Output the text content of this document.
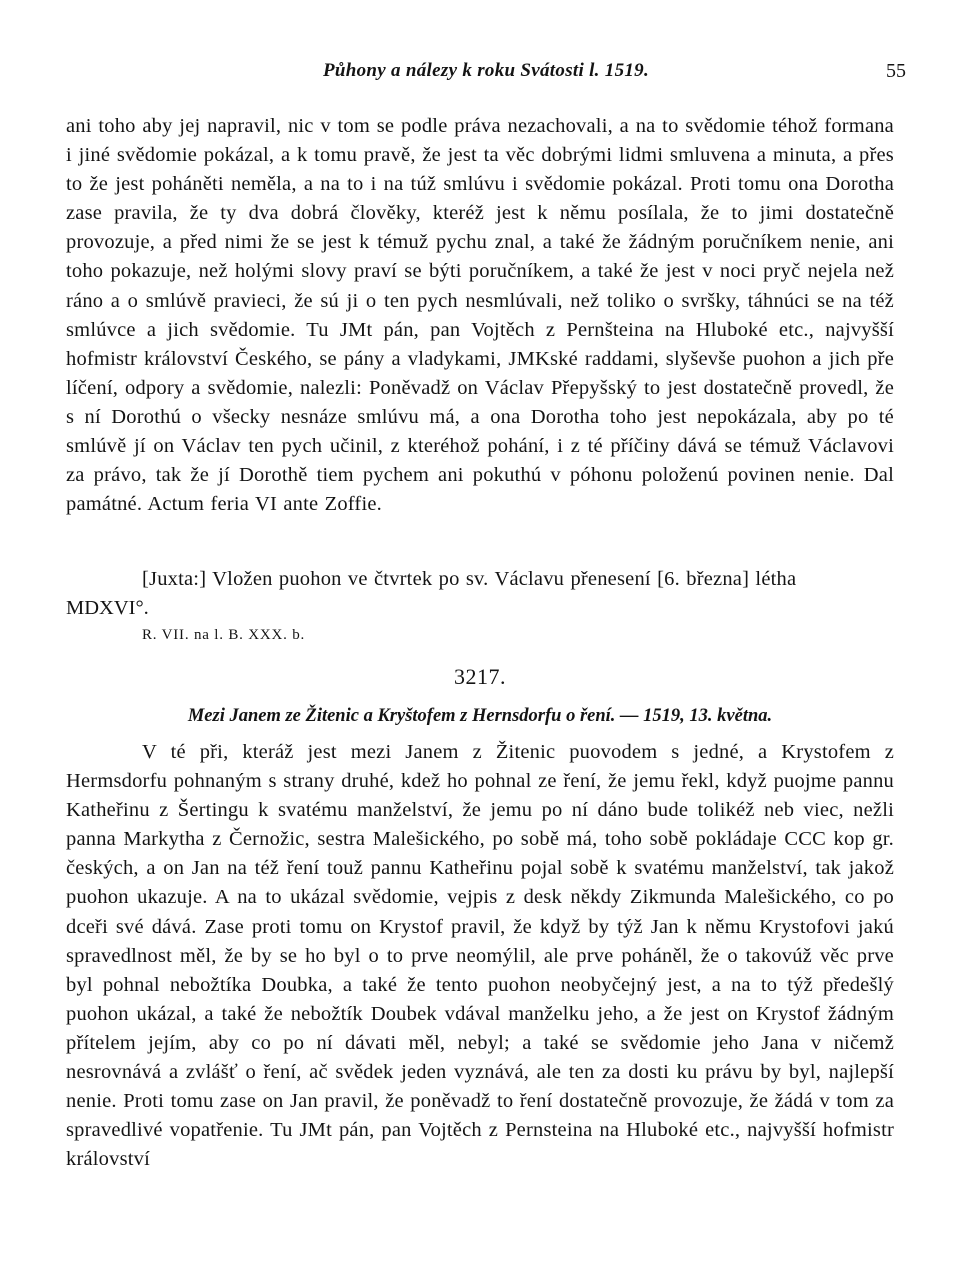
Půhony a nálezy k roku Svátosti l. 1519.	55
ani toho aby jej napravil, nic v tom se podle práva nezachovali, a na to svědomie téhož formana i jiné svědomie pokázal, a k tomu pravě, že jest ta věc dobrými lidmi smluvena a minuta, a přes to že jest poháněti neměla, a na to i na túž smlúvu i svědomie pokázal. Proti tomu ona Dorotha zase pravila, že ty dva dobrá člověky, kteréž jest k němu posílala, že to jimi dostatečně provozuje, a před nimi že se jest k témuž pychu znal, a také že žádným poručníkem nenie, ani toho pokazuje, než holými slovy praví se býti poručníkem, a také že jest v noci pryč nejela než ráno a o smlúvě pravieci, že sú ji o ten pych nesmlúvali, než toliko o svršky, táhnúci se na též smlúvce a jich svědomie. Tu JMt pán, pan Vojtěch z Pernšteina na Hluboké etc., najvyšší hofmistr království Českého, se pány a vladykami, JMKské raddami, slyševše puohon a jich pře líčení, odpory a svědomie, nalezli: Poněvadž on Václav Přepyšský to jest dostatečně provedl, že s ní Dorothú o všecky nesnáze smlúvu má, a ona Dorotha toho jest nepokázala, aby po té smlúvě jí on Václav ten pych učinil, z kteréhož pohání, i z té příčiny dává se témuž Václavovi za právo, tak že jí Dorothě tiem pychem ani pokuthú v póhonu položenú povinen nenie. Dal památné. Actum feria VI ante Zoffie.
[Juxta:] Vložen puohon ve čtvrtek po sv. Václavu přenesení [6. března] létha
MDXVI°.
R. VII. na l. B. XXX. b.
3217.
Mezi Janem ze Žitenic a Kryštofem z Hernsdorfu o ření. — 1519, 13. května.
V té při, kteráž jest mezi Janem z Žitenic puovodem s jedné, a Krystofem z Hermsdorfu pohnaným s strany druhé, kdež ho pohnal ze ření, že jemu řekl, když puojme pannu Katheřinu z Šertingu k svatému manželství, že jemu po ní dáno bude tolikéž neb viec, nežli panna Markytha z Černožic, sestra Malešického, po sobě má, toho sobě pokládaje CCC kop gr. českých, a on Jan na též ření touž pannu Katheřinu pojal sobě k svatému manželství, tak jakož puohon ukazuje. A na to ukázal svědomie, vejpis z desk někdy Zikmunda Malešického, co po dceři své dává. Zase proti tomu on Krystof pravil, že když by týž Jan k němu Krystofovi jakú spravedlnost měl, že by se ho byl o to prve neomýlil, ale prve poháněl, že o takovúž věc prve byl pohnal nebožtíka Doubka, a také že tento puohon neobyčejný jest, a na to týž předešlý puohon ukázal, a také že nebožtík Doubek vdával manželku jeho, a že jest on Krystof žádným přítelem jejím, aby co po ní dávati měl, nebyl; a také se svědomie jeho Jana v ničemž nesrovnává a zvlášť o ření, ač svědek jeden vyznává, ale ten za dosti ku právu by byl, najlepší nenie. Proti tomu zase on Jan pravil, že poněvadž to ření dostatečně provozuje, že žádá v tom za spravedlivé vopatřenie. Tu JMt pán, pan Vojtěch z Pernsteina na Hluboké etc., najvyšší hofmistr království
